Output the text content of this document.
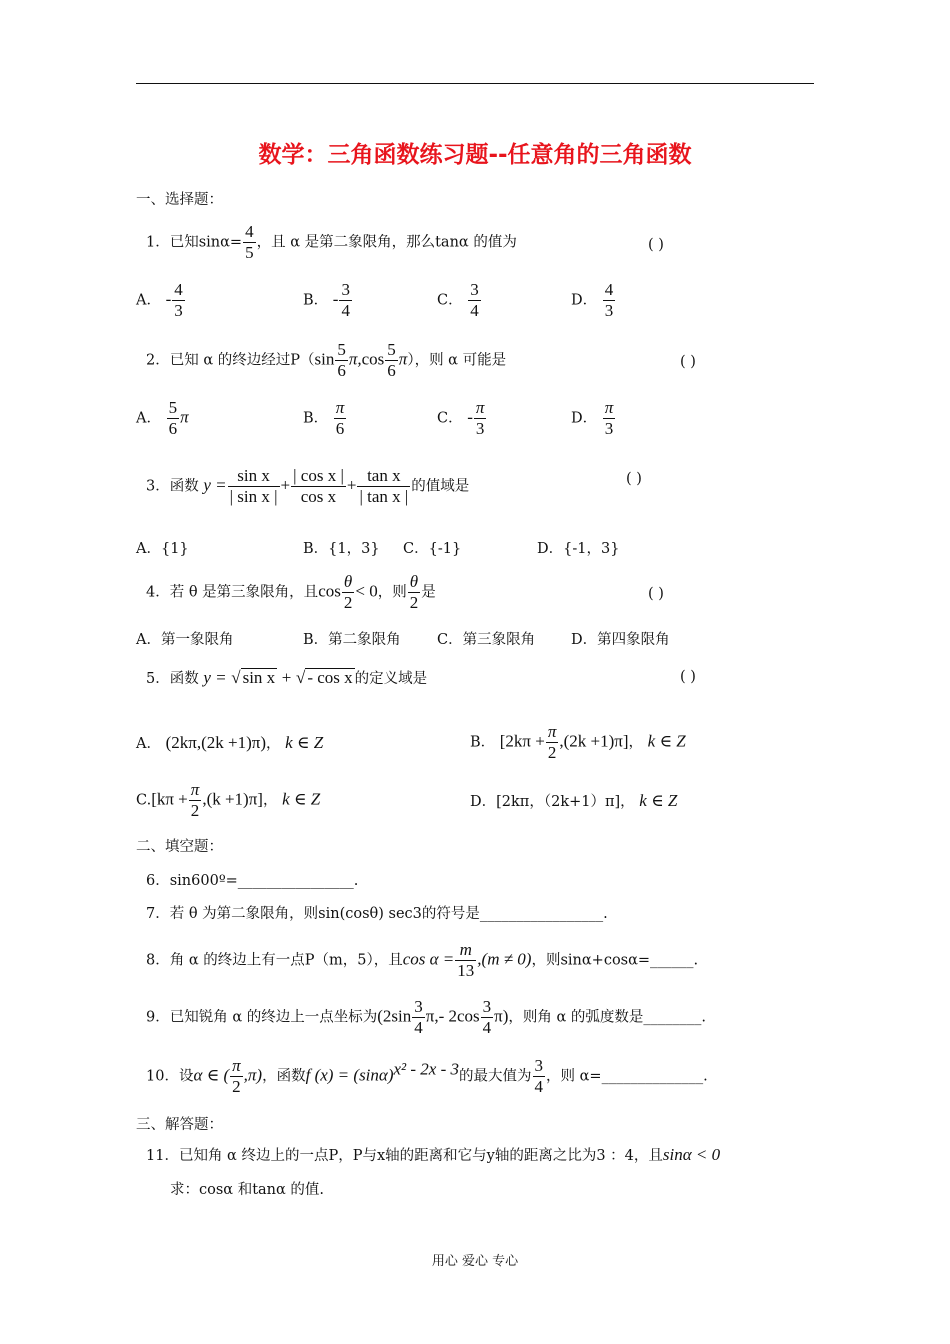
数学：三角函数练习题--任意角的三角函数
一、选择题：
1．已知$\sin\alpha= \frac{4}{5}$ ，且 α 是第二象限角，那么tanα 的值为	( )
A． - $\frac{4}{3}$	B． - $\frac{3}{4}$	C． $\frac{3}{4}$	D． $\frac{4}{3}$
2．已知 α 的终边经过$P(\sin \frac{5}{6} \pi,\cos \frac{5}{6} \pi)$，则 α 可能是	( )
A． $\frac{5}{6}$ π	B． $\frac{\pi}{6}$	C． - $\frac{\pi}{3}$	D． $\frac{\pi}{3}$
3．函数 $y = \frac{\text{sin x}}{\text{| sin x |}} + \frac{\text{| cos x |}}{\text{cos x}} + \frac{\text{tan x}}{\text{| tan x |}}$ 的值域是	( )
A．{1}	B．{1，3} C．{-1}	D．{-1，3}
4．若 θ 是第三象限角，且$\cos \frac{\theta}{2} < 0$，则 $\frac{\theta}{2}$ 是	( )
A．第一象限角	B．第二象限角	C．第三象限角 D．第四象限角
5．函数 y = √ sin x + √ - cos x 的定义域是	( )
A． (2kπ,(2k +1)π)， k ∈ Z	B． $[2k\pi + \frac{\pi}{2} ,(2k +1)\pi]$， k ∈ Z
$C.[k\pi + \frac{\pi}{2} ,(k +1)\pi]$， k ∈ Z	D．[2kπ，（2k+1）π]， k ∈ Z
二、填空题：
6．sin600º=________________.
7．若 θ 为第二象限角，则sin(cosθ) sec3的符号是_________________.
8．角 α 的终边上有一点P（m，5），且$\cos \alpha = \frac{m}{13} ,(m \ne 0)$，则sinα+cosα=______.
9．已知锐角 α 的终边上一点坐标为($2\sin \frac{3}{4} \pi,-$ $2\cos \frac{3}{4} \pi$)，则角 α 的弧度数是________.
10．设α ∈ ( $\frac{\pi}{2} ,\pi$)，函数f $(x) = (\sin\alpha)^{x^2 - 2x - 3}$的最大值为 $\frac{3}{4}$ ，则 α=______________.
三、解答题：
11．已知角 α 终边上的一点P，P与x轴的距离和它与y轴的距离之比为3 ：4，且sinα < 0
求：cosα 和tanα 的值.
用心 爱心 专心
